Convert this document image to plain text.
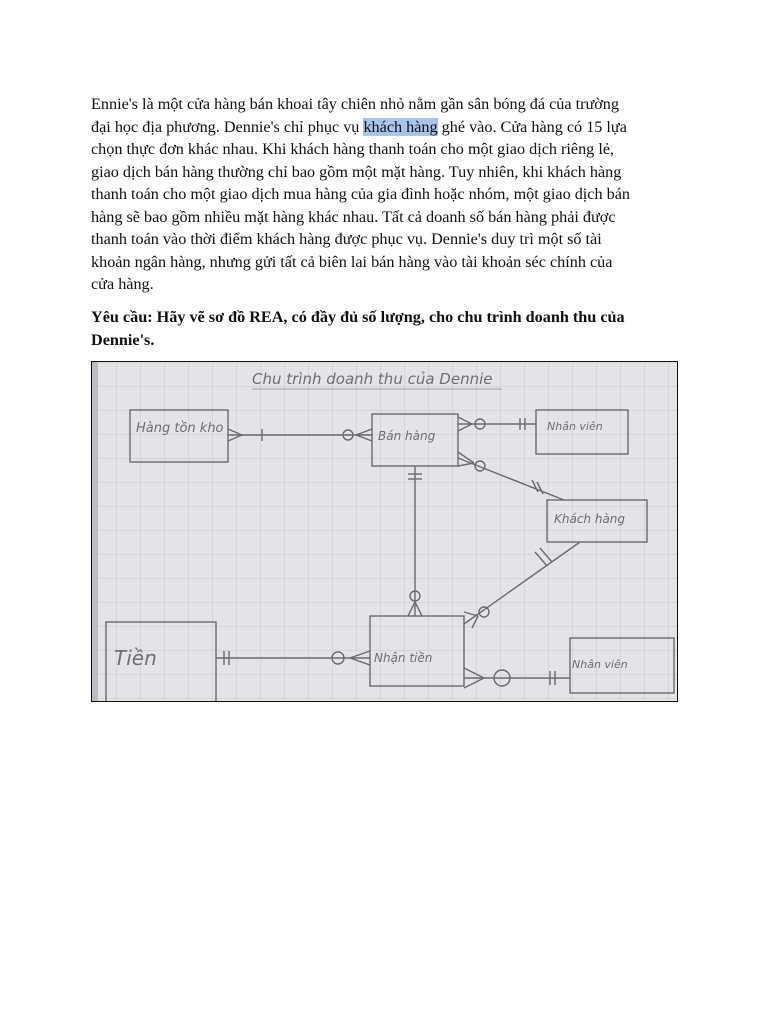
Ennie's là một cửa hàng bán khoai tây chiên nhỏ nằm gần sân bóng đá của trường
đại học địa phương. Dennie's chỉ phục vụ khách hàng ghé vào. Cửa hàng có 15 lựa
chọn thực đơn khác nhau. Khi khách hàng thanh toán cho một giao dịch riêng lẻ,
giao dịch bán hàng thường chỉ bao gồm một mặt hàng. Tuy nhiên, khi khách hàng
thanh toán cho một giao dịch mua hàng của gia đình hoặc nhóm, một giao dịch bán
hàng sẽ bao gồm nhiều mặt hàng khác nhau. Tất cả doanh số bán hàng phải được
thanh toán vào thời điểm khách hàng được phục vụ. Dennie's duy trì một số tài
khoản ngân hàng, nhưng gửi tất cả biên lai bán hàng vào tài khoản séc chính của
cửa hàng.
Yêu cầu: Hãy vẽ sơ đồ REA, có đầy đủ số lượng, cho chu trình doanh thu của
Dennie's.
Chu trình doanh thu của Dennie
Hàng tồn kho	Bán hàng
Nhân viên
Khách hàng
Tiền	Nhận tiền	Nhân viên
